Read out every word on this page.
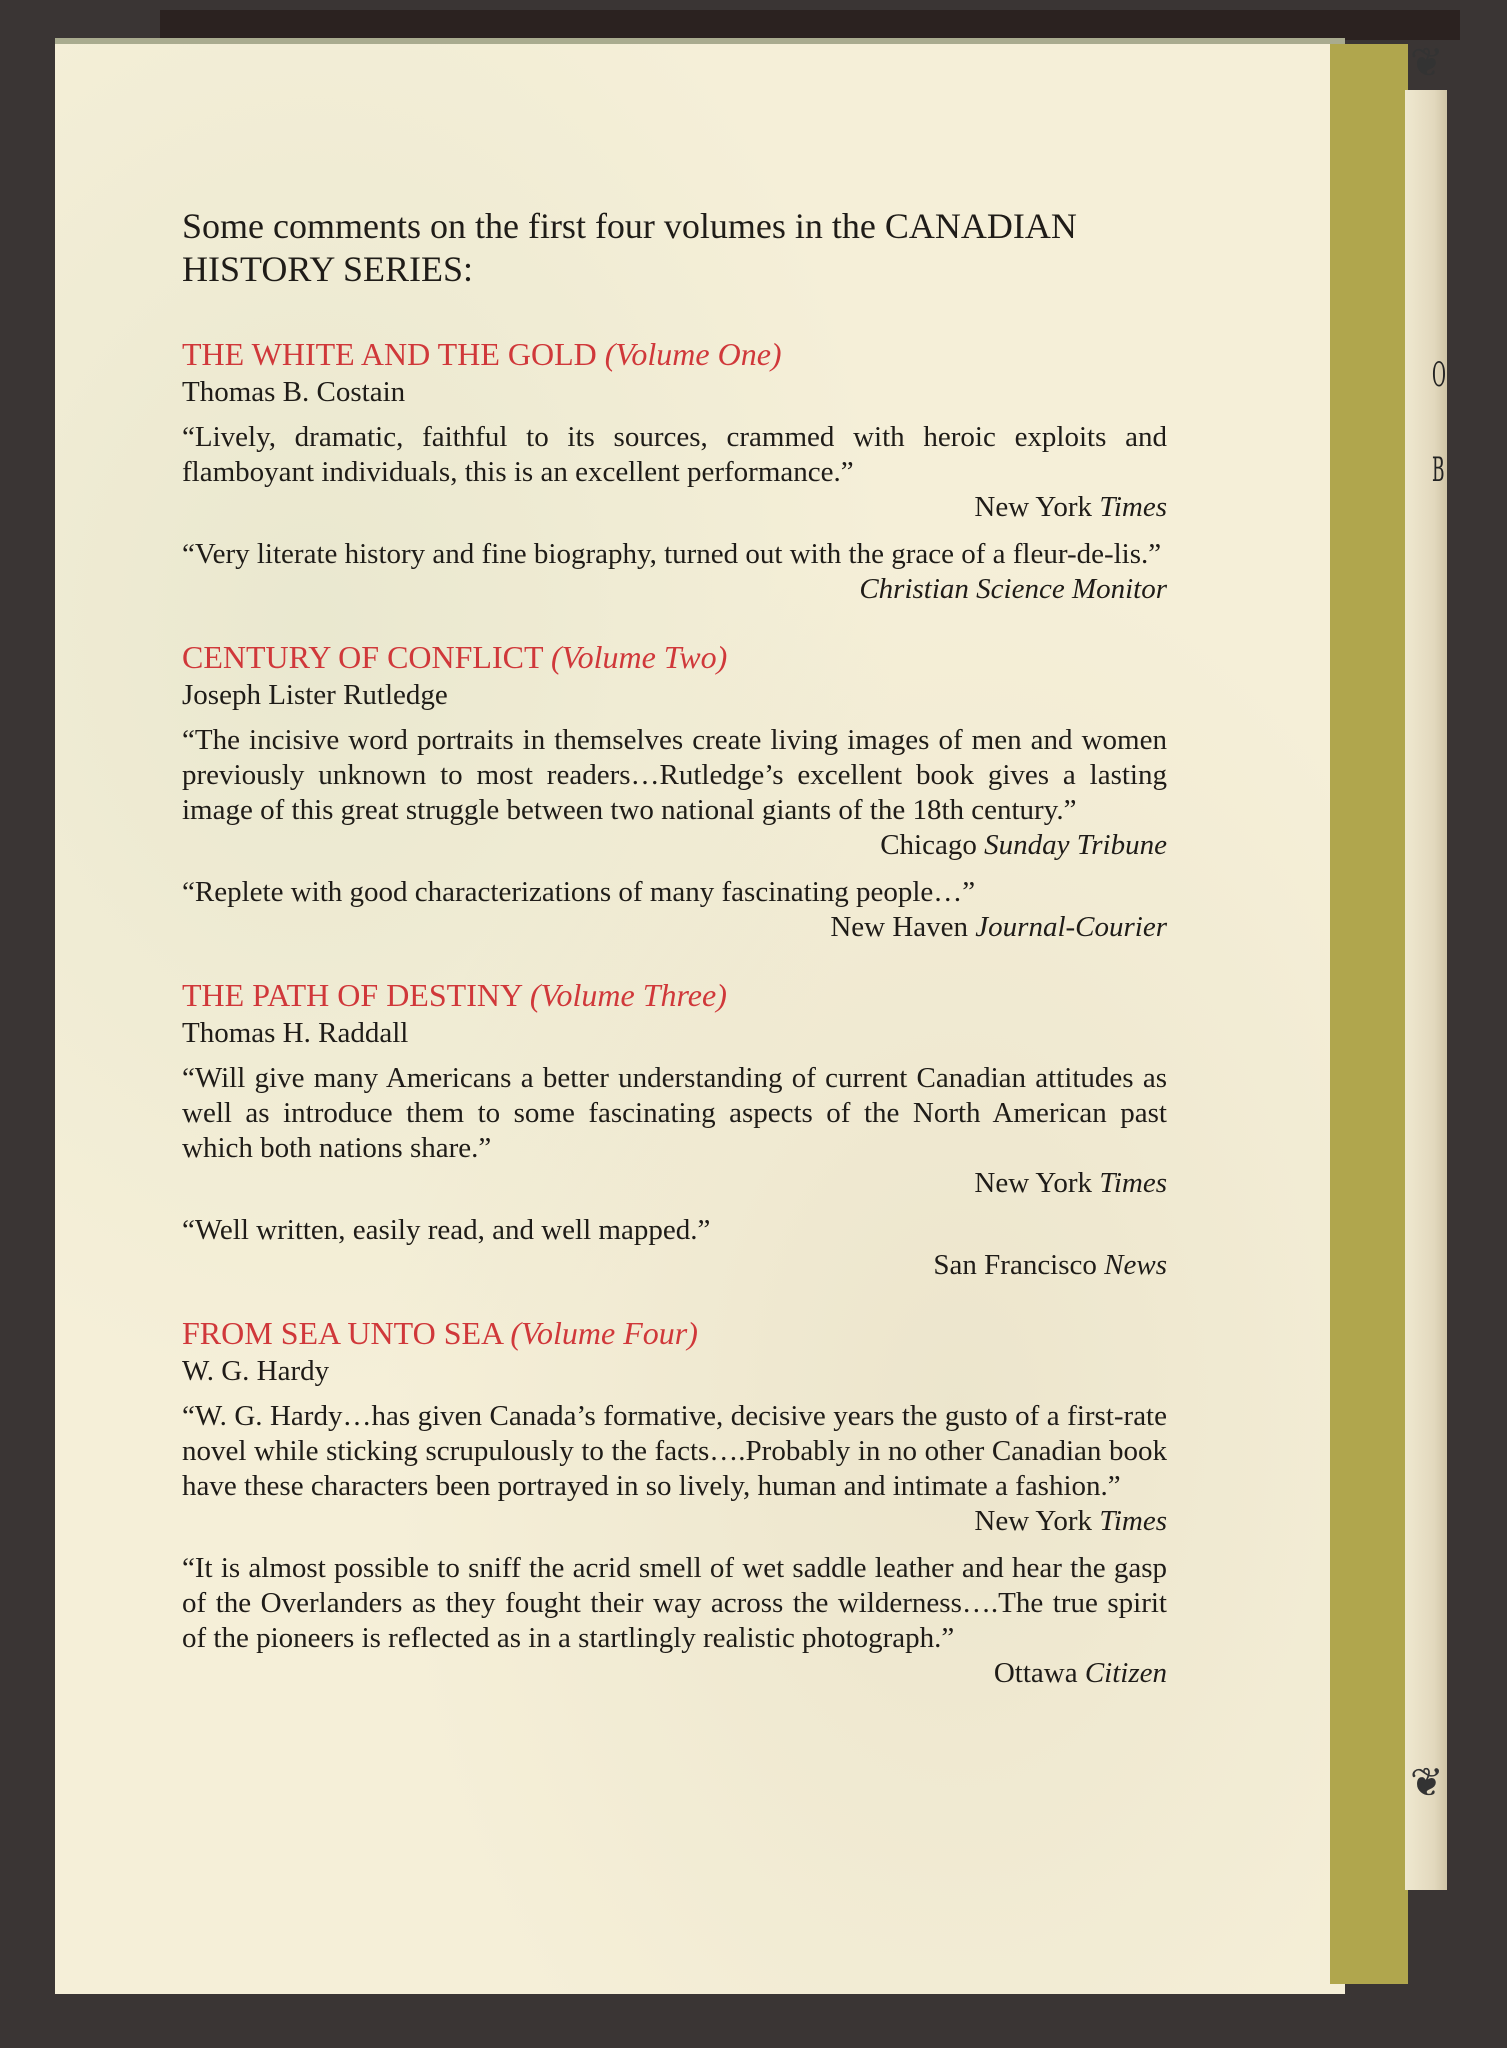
❦
❦
O
B

Some comments on the first four volumes in the CANADIAN HISTORY SERIES:

THE WHITE AND THE GOLD (Volume One)
Thomas B. Costain
“Lively, dramatic, faithful to its sources, crammed with heroic exploits and flamboyant individuals, this is an excellent performance.”
New York Times
“Very literate history and fine biography, turned out with the grace of a fleur-de-lis.”
Christian Science Monitor
CENTURY OF CONFLICT (Volume Two)
Joseph Lister Rutledge
“The incisive word portraits in themselves create living images of men and women previously unknown to most readers…Rutledge’s excellent book gives a lasting image of this great struggle between two national giants of the 18th century.”
Chicago Sunday Tribune
“Replete with good characterizations of many fascinating people…”
New Haven Journal-Courier
THE PATH OF DESTINY (Volume Three)
Thomas H. Raddall
“Will give many Americans a better understanding of current Canadian attitudes as well as introduce them to some fascinating aspects of the North American past which both nations share.”
New York Times
“Well written, easily read, and well mapped.”
San Francisco News
FROM SEA UNTO SEA (Volume Four)
W. G. Hardy
“W. G. Hardy…has given Canada’s formative, decisive years the gusto of a first-rate novel while sticking scrupulously to the facts….Probably in no other Canadian book have these characters been portrayed in so lively, human and intimate a fashion.”
New York Times
“It is almost possible to sniff the acrid smell of wet saddle leather and hear the gasp of the Overlanders as they fought their way across the wilderness….The true spirit of the pioneers is reflected as in a startlingly realistic photograph.”
Ottawa Citizen
